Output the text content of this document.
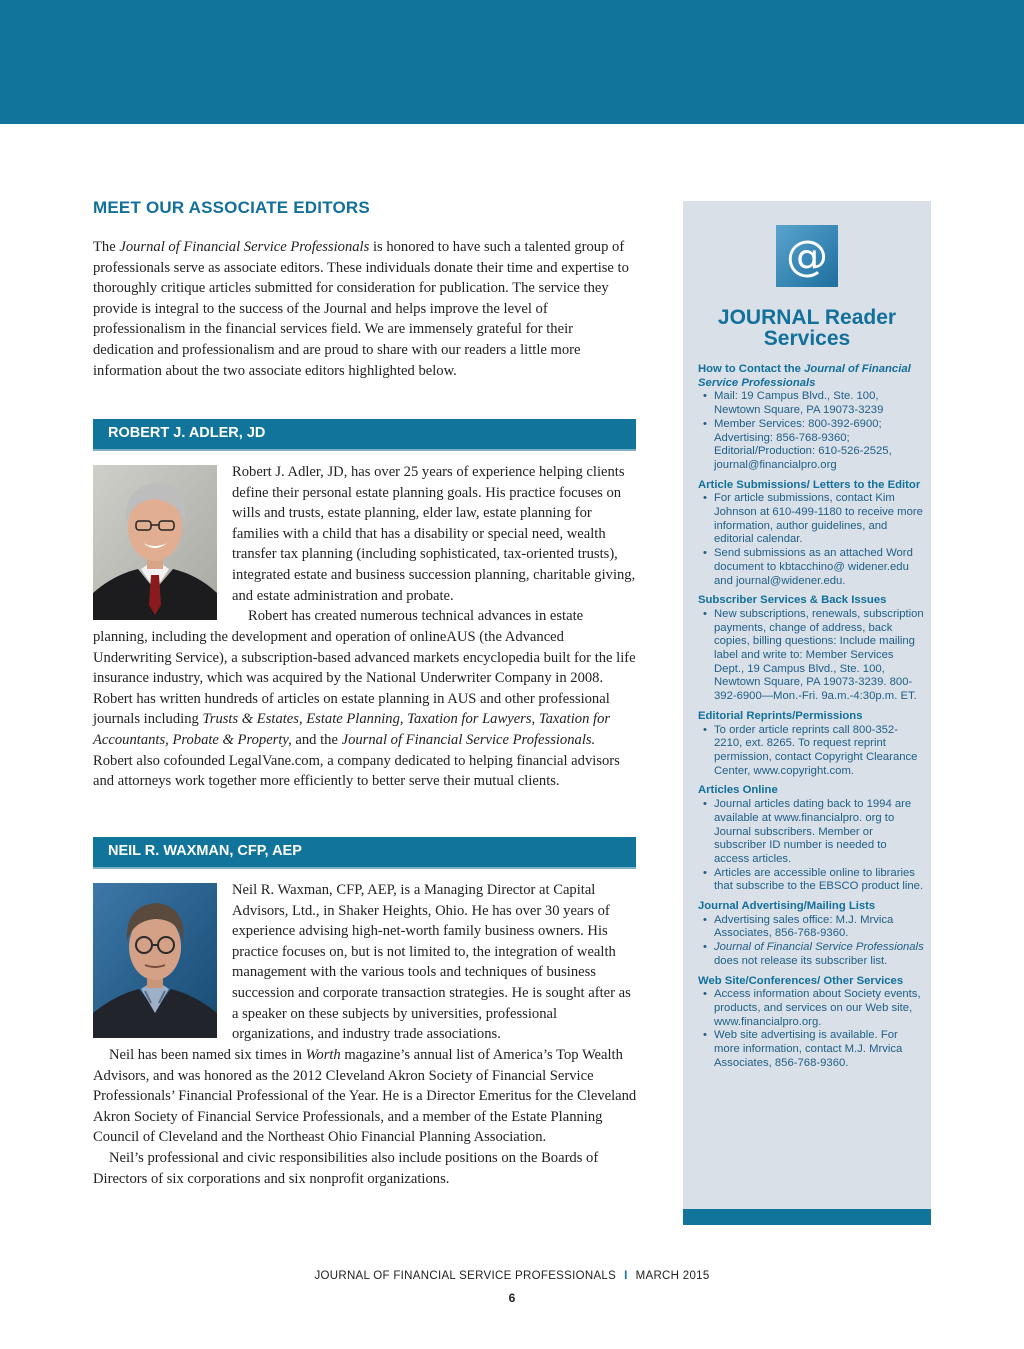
MEET OUR ASSOCIATE EDITORS

The Journal of Financial Service Professionals is honored to have such a talented group of professionals serve as associate editors. These individuals donate their time and expertise to thoroughly critique articles submitted for consideration for publication. The service they provide is integral to the success of the Journal and helps improve the level of professionalism in the financial services field. We are immensely grateful for their dedication and professionalism and are proud to share with our readers a little more information about the two associate editors highlighted below.

ROBERT J. ADLER, JD

Robert J. Adler, JD, has over 25 years of experience helping clients define their personal estate planning goals. His practice focuses on wills and trusts, estate planning, elder law, estate planning for families with a child that has a disability or special need, wealth transfer tax planning (including sophisticated, tax-oriented trusts), integrated estate and business succession planning, charitable giving, and estate administration and probate.

Robert has created numerous technical advances in estate

planning, including the development and operation of onlineAUS (the Advanced Underwriting Service), a subscription-based advanced markets encyclopedia built for the life insurance industry, which was acquired by the National Underwriter Company in 2008. Robert has written hundreds of articles on estate planning in AUS and other professional journals including Trusts & Estates, Estate Planning, Taxation for Lawyers, Taxation for Accountants, Probate & Property, and the Journal of Financial Service Professionals. Robert also cofounded LegalVane.com, a company dedicated to helping financial advisors and attorneys work together more efficiently to better serve their mutual clients.

NEIL R. WAXMAN, CFP, AEP

Neil R. Waxman, CFP, AEP, is a Managing Director at Capital Advisors, Ltd., in Shaker Heights, Ohio. He has over 30 years of experience advising high-net-worth family business owners. His practice focuses on, but is not limited to, the integration of wealth management with the various tools and techniques of business succession and corporate transaction strategies. He is sought after as a speaker on these subjects by universities, professional organizations, and industry trade associations.

Neil has been named six times in Worth magazine’s annual list of America’s Top Wealth Advisors, and was honored as the 2012 Cleveland Akron Society of Financial Service Professionals’ Financial Professional of the Year. He is a Director Emeritus for the Cleveland Akron Society of Financial Service Professionals, and a member of the Estate Planning Council of Cleveland and the Northeast Ohio Financial Planning Association.

Neil’s professional and civic responsibilities also include positions on the Boards of Directors of six corporations and six nonprofit organizations.

@
JOURNAL Reader
Services
How to Contact the Journal of Financial Service Professionals
• Mail: 19 Campus Blvd., Ste. 100, Newtown Square, PA 19073-3239
• Member Services: 800-392-6900; Advertising: 856-768-9360; Editorial/Production: 610-526-2525, journal@financialpro.org
Article Submissions/ Letters to the Editor
• For article submissions, contact Kim Johnson at 610-499-1180 to receive more information, author guidelines, and editorial calendar.
• Send submissions as an attached Word document to kbtacchino@ widener.edu and journal@widener.edu.
Subscriber Services & Back Issues
• New subscriptions, renewals, subscription payments, change of address, back copies, billing questions: Include mailing label and write to: Member Services Dept., 19 Campus Blvd., Ste. 100, Newtown Square, PA 19073-3239. 800-392-6900—Mon.-Fri. 9a.m.-4:30p.m. ET.
Editorial Reprints/Permissions
• To order article reprints call 800-352-2210, ext. 8265. To request reprint permission, contact Copyright Clearance Center, www.copyright.com.
Articles Online
• Journal articles dating back to 1994 are available at www.financialpro. org to Journal subscribers. Member or subscriber ID number is needed to access articles.
• Articles are accessible online to libraries that subscribe to the EBSCO product line.
Journal Advertising/Mailing Lists
• Advertising sales office: M.J. Mrvica Associates, 856-768-9360.
• Journal of Financial Service Professionals does not release its subscriber list.
Web Site/Conferences/ Other Services
• Access information about Society events, products, and services on our Web site, www.financialpro.org.
• Web site advertising is available. For more information, contact M.J. Mrvica Associates, 856-768-9360.
JOURNAL OF FINANCIAL SERVICE PROFESSIONALS I MARCH 2015
6
